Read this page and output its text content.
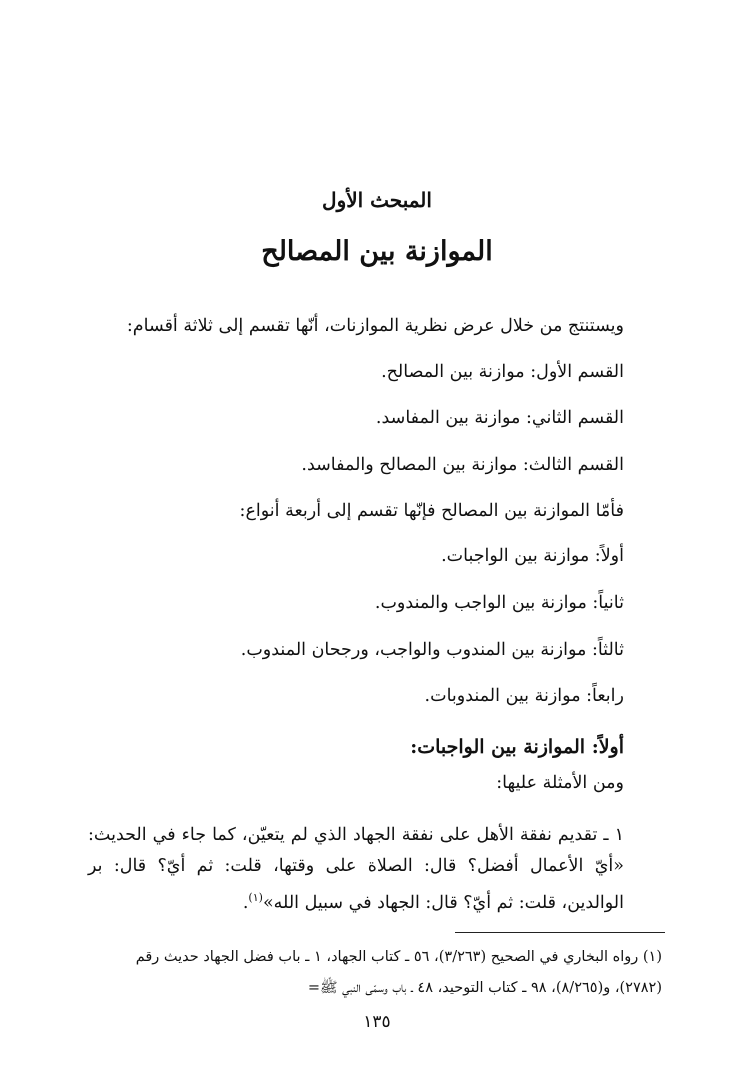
المبحث الأول
الموازنة بين المصالح

ويستنتج من خلال عرض نظرية الموازنات، أنّها تقسم إلى ثلاثة أقسام:

القسم الأول: موازنة بين المصالح.

القسم الثاني: موازنة بين المفاسد.

القسم الثالث: موازنة بين المصالح والمفاسد.

فأمّا الموازنة بين المصالح فإنّها تقسم إلى أربعة أنواع:

أولاً: موازنة بين الواجبات.

ثانياً: موازنة بين الواجب والمندوب.

ثالثاً: موازنة بين المندوب والواجب، ورجحان المندوب.

رابعاً: موازنة بين المندوبات.

أولاً: الموازنة بين الواجبات:

ومن الأمثلة عليها:

١ ـ تقديم نفقة الأهل على نفقة الجهاد الذي لم يتعيّن، كما جاء في الحديث: «أيّ الأعمال أفضل؟ قال: الصلاة على وقتها، قلت: ثم أيّ؟ قال: بر الوالدين، قلت: ثم أيّ؟ قال: الجهاد في سبيل الله»$^{(١)}$.

(١) رواه البخاري في الصحيح (٣/٢٦٣)، ٥٦ ـ كتاب الجهاد، ١ ـ باب فضل الجهاد حديث رقم (٢٧٨٢)، و(٨/٢٦٥)، ٩٨ ـ كتاب التوحيد، ٤٨ ـ باب وسمّى النبي ﷺ=

١٣٥
